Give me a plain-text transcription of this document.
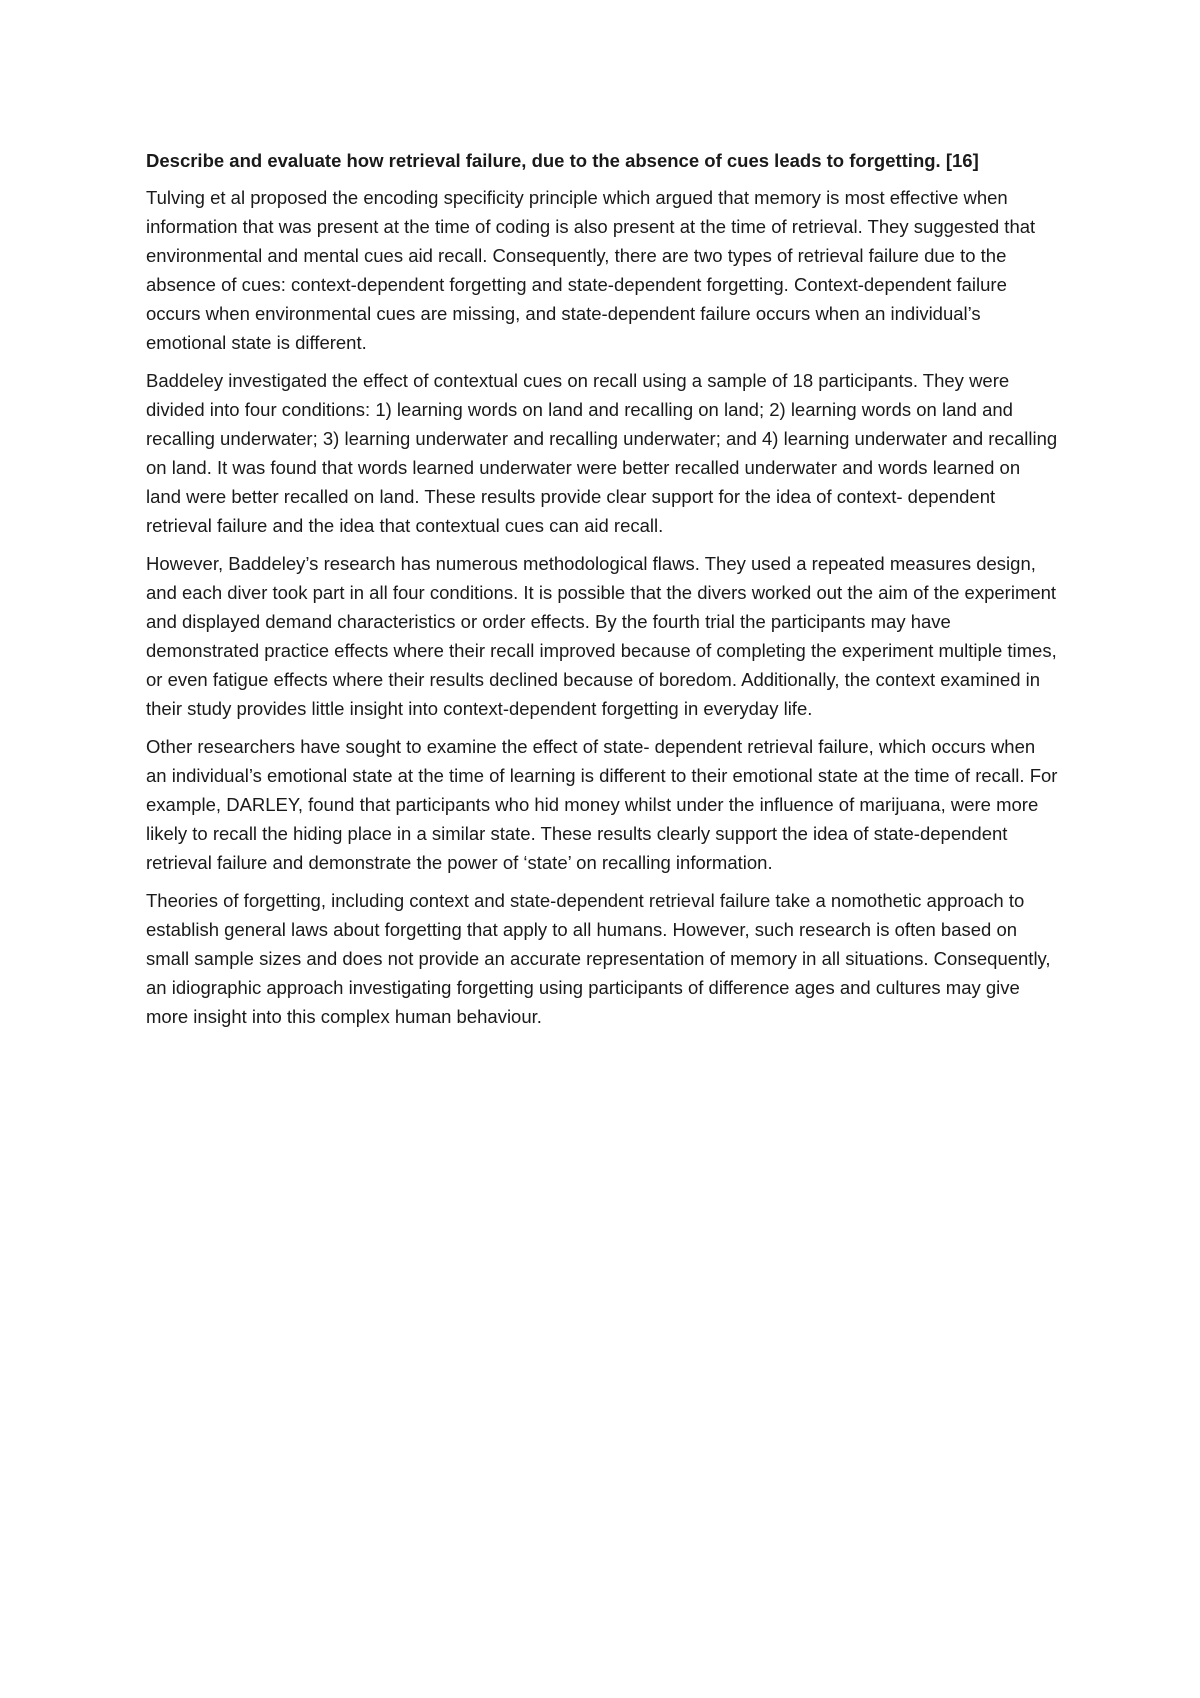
Describe and evaluate how retrieval failure, due to the absence of cues leads to forgetting. [16]

Tulving et al proposed the encoding specificity principle which argued that memory is most effective when information that was present at the time of coding is also present at the time of retrieval. They suggested that environmental and mental cues aid recall. Consequently, there are two types of retrieval failure due to the absence of cues: context-dependent forgetting and state-dependent forgetting. Context-dependent failure occurs when environmental cues are missing, and state-dependent failure occurs when an individual’s emotional state is different.

Baddeley investigated the effect of contextual cues on recall using a sample of 18 participants. They were divided into four conditions: 1) learning words on land and recalling on land; 2) learning words on land and recalling underwater; 3) learning underwater and recalling underwater; and 4) learning underwater and recalling on land. It was found that words learned underwater were better recalled underwater and words learned on land were better recalled on land. These results provide clear support for the idea of context- dependent retrieval failure and the idea that contextual cues can aid recall.

However, Baddeley’s research has numerous methodological flaws. They used a repeated measures design, and each diver took part in all four conditions. It is possible that the divers worked out the aim of the experiment and displayed demand characteristics or order effects. By the fourth trial the participants may have demonstrated practice effects where their recall improved because of completing the experiment multiple times, or even fatigue effects where their results declined because of boredom. Additionally, the context examined in their study provides little insight into context-dependent forgetting in everyday life.

Other researchers have sought to examine the effect of state- dependent retrieval failure, which occurs when an individual’s emotional state at the time of learning is different to their emotional state at the time of recall. For example, DARLEY, found that participants who hid money whilst under the influence of marijuana, were more likely to recall the hiding place in a similar state. These results clearly support the idea of state-dependent retrieval failure and demonstrate the power of ‘state’ on recalling information.

Theories of forgetting, including context and state-dependent retrieval failure take a nomothetic approach to establish general laws about forgetting that apply to all humans. However, such research is often based on small sample sizes and does not provide an accurate representation of memory in all situations. Consequently, an idiographic approach investigating forgetting using participants of difference ages and cultures may give more insight into this complex human behaviour.
